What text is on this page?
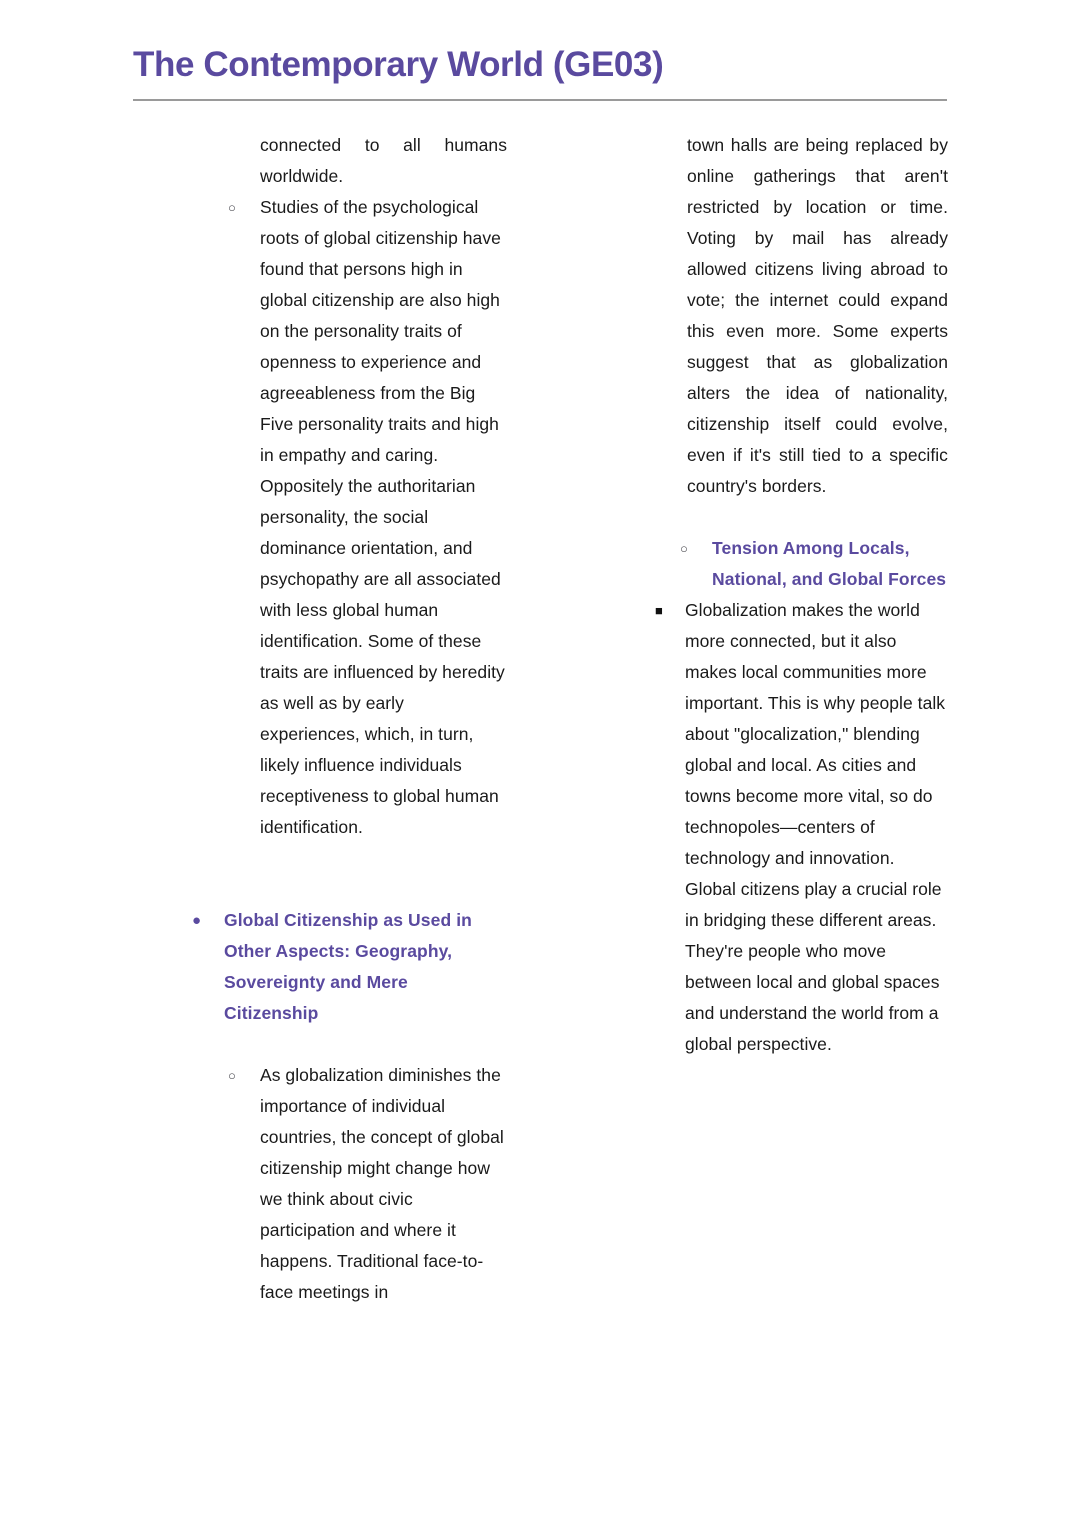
The Contemporary World (GE03)
connected to all humans worldwide.
○	Studies of the psychological roots of global citizenship have found that persons high in global citizenship are also high on the personality traits of openness to experience and agreeableness from the Big Five personality traits and high in empathy and caring. Oppositely the authoritarian personality, the social dominance orientation, and psychopathy are all associated with less global human identification. Some of these traits are influenced by heredity as well as by early experiences, which, in turn, likely influence individuals receptiveness to global human identification.
●	Global Citizenship as Used in Other Aspects: Geography, Sovereignty and Mere Citizenship
○	As globalization diminishes the importance of individual countries, the concept of global citizenship might change how we think about civic participation and where it happens. Traditional face-to-face meetings in
town halls are being replaced by online gatherings that aren't restricted by location or time. Voting by mail has already allowed citizens living abroad to vote; the internet could expand this even more. Some experts suggest that as globalization alters the idea of nationality, citizenship itself could evolve, even if it's still tied to a specific country's borders.
○	Tension Among Locals, National, and Global Forces
■	Globalization makes the world more connected, but it also makes local communities more important. This is why people talk about "glocalization," blending global and local. As cities and towns become more vital, so do technopoles—centers of technology and innovation. Global citizens play a crucial role in bridging these different areas. They're people who move between local and global spaces and understand the world from a global perspective.
